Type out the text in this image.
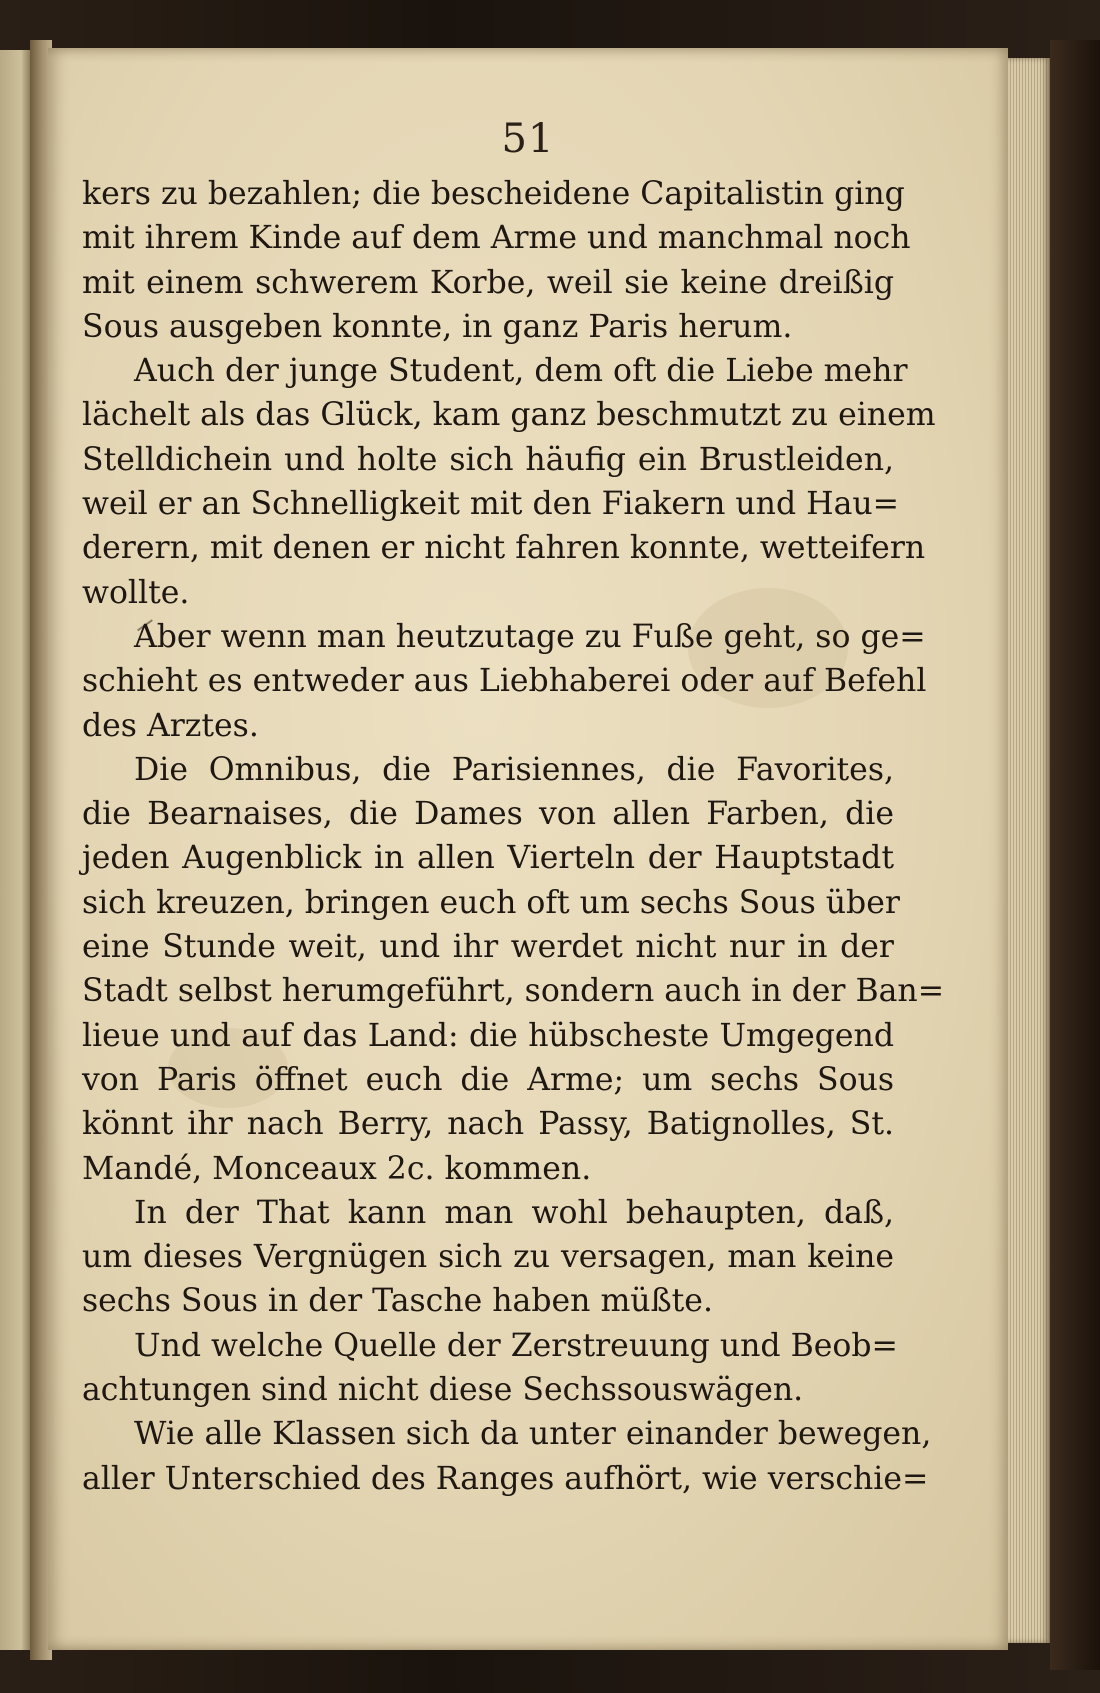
51
kers zu bezahlen; die bescheidene Capitalistin ging
mit ihrem Kinde auf dem Arme und manchmal noch
mit einem schwerem Korbe, weil sie keine dreißig
Sous ausgeben konnte, in ganz Paris herum.
Auch der junge Student, dem oft die Liebe mehr
lächelt als das Glück, kam ganz beschmutzt zu einem
Stelldichein und holte sich häufig ein Brustleiden,
weil er an Schnelligkeit mit den Fiakern und Hau=
derern, mit denen er nicht fahren konnte, wetteifern
wollte.
Aber wenn man heutzutage zu Fuße geht, so ge=
schieht es entweder aus Liebhaberei oder auf Befehl
des Arztes.
Die Omnibus, die Parisiennes, die Favorites,
die Bearnaises, die Dames von allen Farben, die
jeden Augenblick in allen Vierteln der Hauptstadt
sich kreuzen, bringen euch oft um sechs Sous über
eine Stunde weit, und ihr werdet nicht nur in der
Stadt selbst herumgeführt, sondern auch in der Ban=
lieue und auf das Land: die hübscheste Umgegend
von Paris öffnet euch die Arme; um sechs Sous
könnt ihr nach Berry, nach Passy, Batignolles, St.
Mandé, Monceaux 2c. kommen.
In der That kann man wohl behaupten, daß,
um dieses Vergnügen sich zu versagen, man keine
sechs Sous in der Tasche haben müßte.
Und welche Quelle der Zerstreuung und Beob=
achtungen sind nicht diese Sechssouswägen.
Wie alle Klassen sich da unter einander bewegen,
aller Unterschied des Ranges aufhört, wie verschie=
